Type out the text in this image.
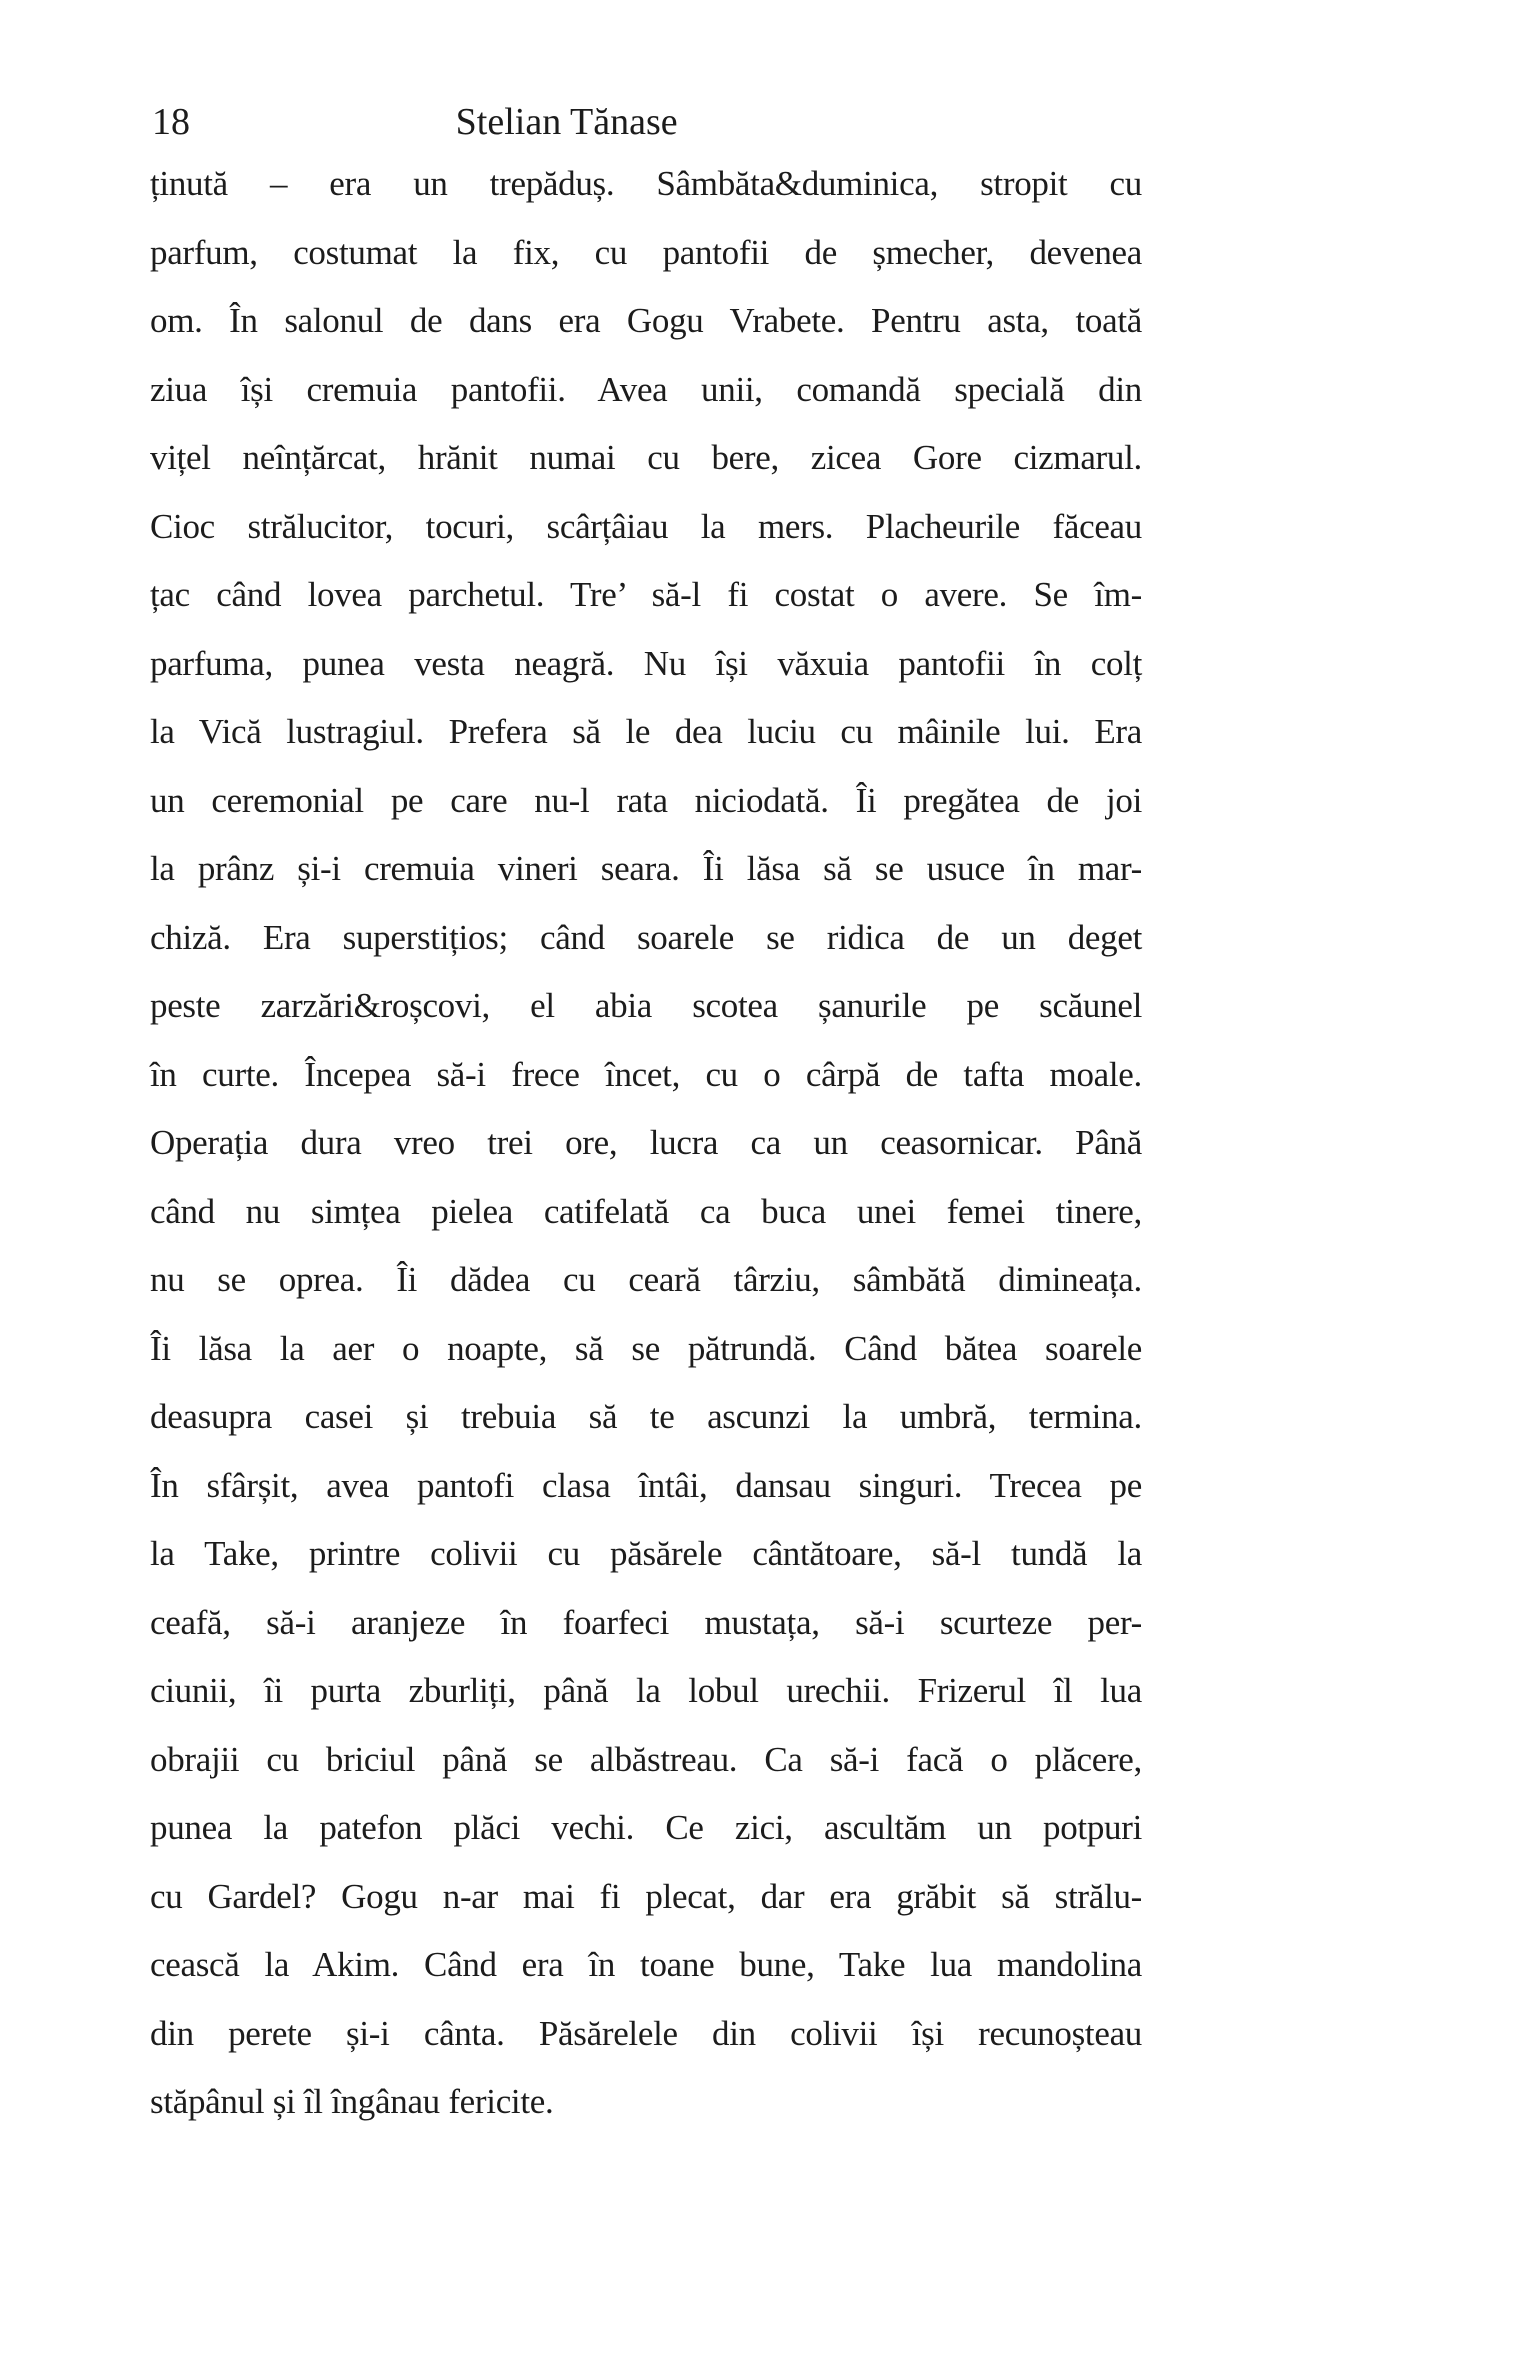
18	Stelian Tănase
ținută – era un trepăduș. Sâmbăta&duminica, stropit cu
parfum, costumat la fix, cu pantofii de șmecher, devenea
om. În salonul de dans era Gogu Vrabete. Pentru asta, toată
ziua își cremuia pantofii. Avea unii, comandă specială din
vițel neînțărcat, hrănit numai cu bere, zicea Gore cizmarul.
Cioc strălucitor, tocuri, scârțâiau la mers. Placheurile făceau
țac când lovea parchetul. Tre’ să-l fi costat o avere. Se îm-
parfuma, punea vesta neagră. Nu își văxuia pantofii în colț
la Vică lustragiul. Prefera să le dea luciu cu mâinile lui. Era
un ceremonial pe care nu-l rata niciodată. Îi pregătea de joi
la prânz și-i cremuia vineri seara. Îi lăsa să se usuce în mar-
chiză. Era superstițios; când soarele se ridica de un deget
peste zarzări&roșcovi, el abia scotea șanurile pe scăunel
în curte. Începea să-i frece încet, cu o cârpă de tafta moale.
Operația dura vreo trei ore, lucra ca un ceasornicar. Până
când nu simțea pielea catifelată ca buca unei femei tinere,
nu se oprea. Îi dădea cu ceară târziu, sâmbătă dimineața.
Îi lăsa la aer o noapte, să se pătrundă. Când bătea soarele
deasupra casei și trebuia să te ascunzi la umbră, termina.
În sfârșit, avea pantofi clasa întâi, dansau singuri. Trecea pe
la Take, printre colivii cu păsărele cântătoare, să-l tundă la
ceafă, să-i aranjeze în foarfeci mustața, să-i scurteze per-
ciunii, îi purta zburliți, până la lobul urechii. Frizerul îl lua
obrajii cu briciul până se albăstreau. Ca să-i facă o plăcere,
punea la patefon plăci vechi. Ce zici, ascultăm un potpuri
cu Gardel? Gogu n-ar mai fi plecat, dar era grăbit să strălu-
cească la Akim. Când era în toane bune, Take lua mandolina
din perete și-i cânta. Păsărelele din colivii își recunoșteau
stăpânul și îl îngânau fericite.
